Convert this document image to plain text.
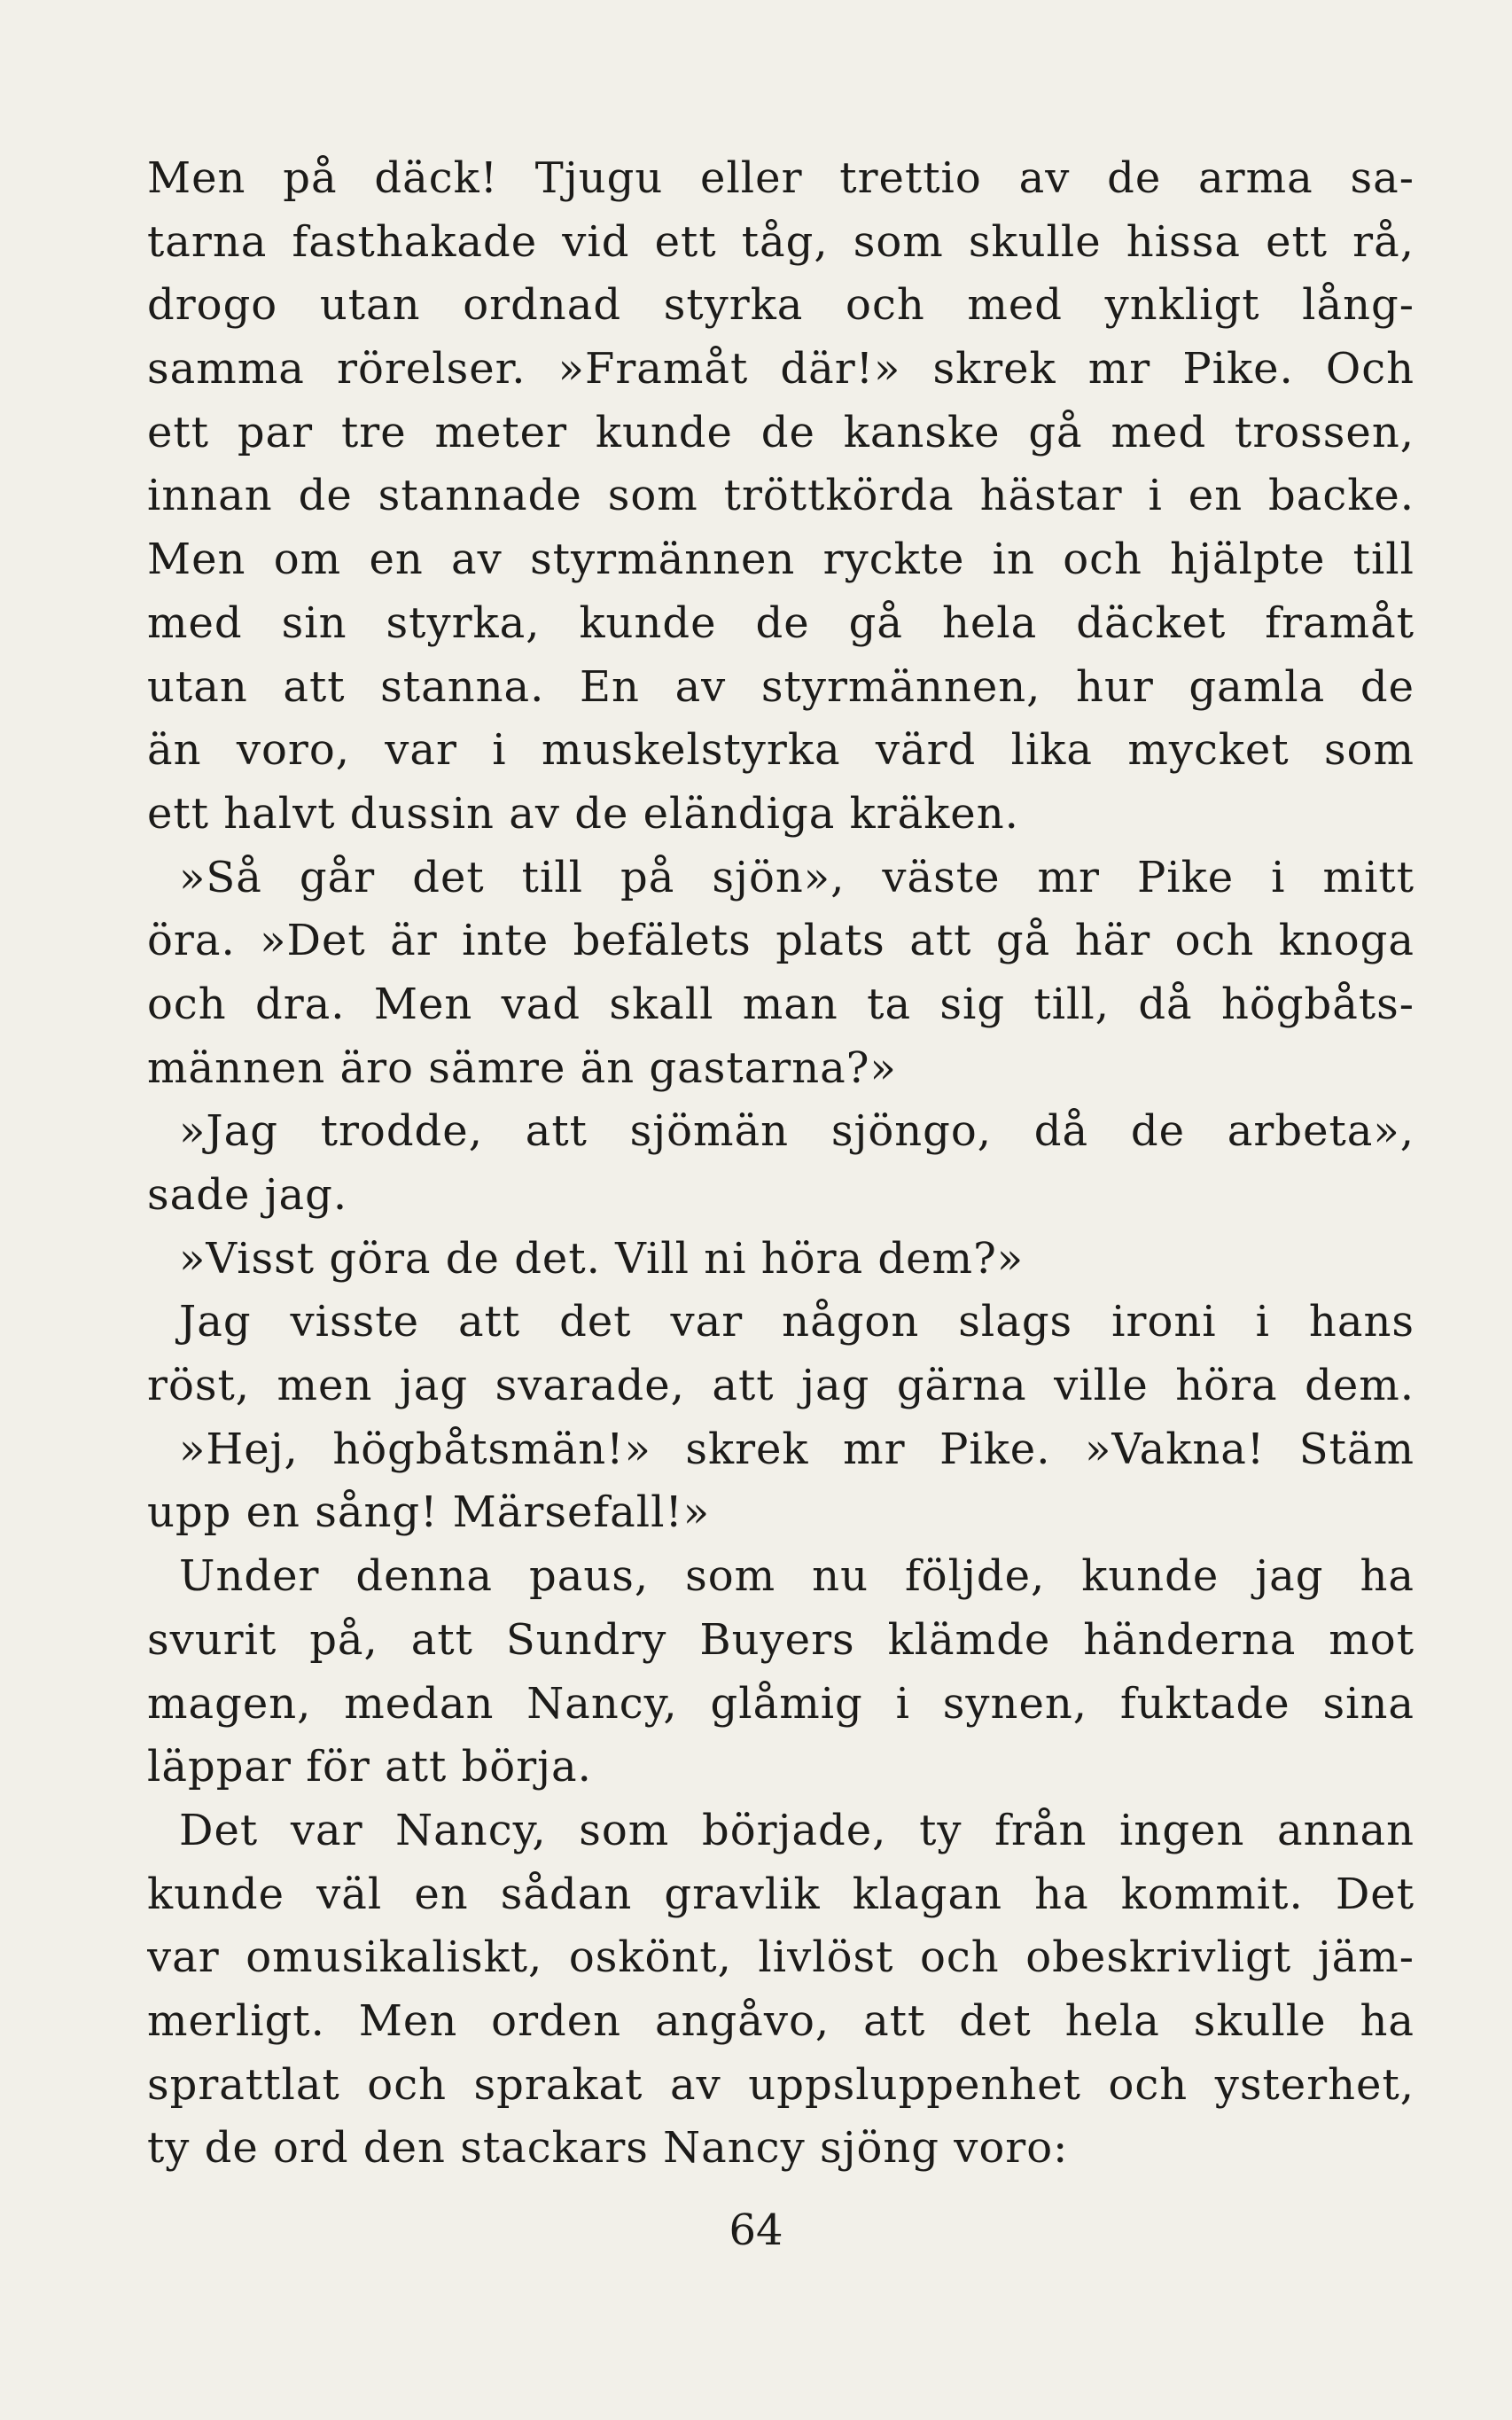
Men på däck! Tjugu eller trettio av de arma sa-
tarna fasthakade vid ett tåg, som skulle hissa ett rå,
drogo utan ordnad styrka och med ynkligt lång-
samma rörelser. »Framåt där!» skrek mr Pike. Och
ett par tre meter kunde de kanske gå med trossen,
innan de stannade som tröttkörda hästar i en backe.
Men om en av styrmännen ryckte in och hjälpte till
med sin styrka, kunde de gå hela däcket framåt
utan att stanna. En av styrmännen, hur gamla de
än voro, var i muskelstyrka värd lika mycket som
ett halvt dussin av de eländiga kräken.
»Så går det till på sjön», väste mr Pike i mitt
öra. »Det är inte befälets plats att gå här och knoga
och dra. Men vad skall man ta sig till, då högbåts-
männen äro sämre än gastarna?»
»Jag trodde, att sjömän sjöngo, då de arbeta»,
sade jag.
»Visst göra de det. Vill ni höra dem?»
Jag visste att det var någon slags ironi i hans
röst, men jag svarade, att jag gärna ville höra dem.
»Hej, högbåtsmän!» skrek mr Pike. »Vakna! Stäm
upp en sång! Märsefall!»
Under denna paus, som nu följde, kunde jag ha
svurit på, att Sundry Buyers klämde händerna mot
magen, medan Nancy, glåmig i synen, fuktade sina
läppar för att börja.
Det var Nancy, som började, ty från ingen annan
kunde väl en sådan gravlik klagan ha kommit. Det
var omusikaliskt, oskönt, livlöst och obeskrivligt jäm-
merligt. Men orden angåvo, att det hela skulle ha
sprattlat och sprakat av uppsluppenhet och ysterhet,
ty de ord den stackars Nancy sjöng voro:
64
